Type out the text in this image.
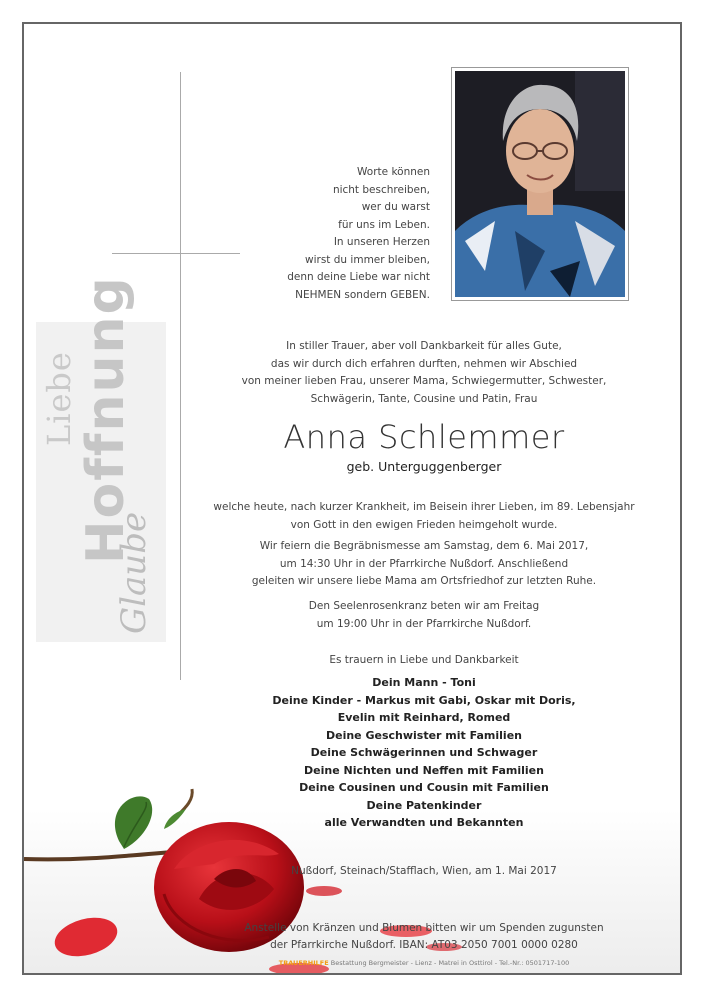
Glaube
Hoffnung
Liebe
Worte können
nicht beschreiben,
wer du warst
für uns im Leben.
In unseren Herzen
wirst du immer bleiben,
denn deine Liebe war nicht
NEHMEN sondern GEBEN.
In stiller Trauer, aber voll Dankbarkeit für alles Gute,
das wir durch dich erfahren durften, nehmen wir Abschied
von meiner lieben Frau, unserer Mama, Schwiegermutter, Schwester,
Schwägerin, Tante, Cousine und Patin, Frau
Anna Schlemmer
geb. Unterguggenberger
welche heute, nach kurzer Krankheit, im Beisein ihrer Lieben, im 89. Lebensjahr
von Gott in den ewigen Frieden heimgeholt wurde.
Wir feiern die Begräbnismesse am Samstag, dem 6. Mai 2017,
um 14:30 Uhr in der Pfarrkirche Nußdorf. Anschließend
geleiten wir unsere liebe Mama am Ortsfriedhof zur letzten Ruhe.
Den Seelenrosenkranz beten wir am Freitag
um 19:00 Uhr in der Pfarrkirche Nußdorf.
Es trauern in Liebe und Dankbarkeit
Dein Mann - Toni
Deine Kinder - Markus mit Gabi, Oskar mit Doris,
Evelin mit Reinhard, Romed
Deine Geschwister mit Familien
Deine Schwägerinnen und Schwager
Deine Nichten und Neffen mit Familien
Deine Cousinen und Cousin mit Familien
Deine Patenkinder
alle Verwandten und Bekannten
Nußdorf, Steinach/Stafflach, Wien, am 1. Mai 2017
Anstelle von Kränzen und Blumen bitten wir um Spenden zugunsten
der Pfarrkirche Nußdorf. IBAN: AT03 2050 7001 0000 0280
TRAUERHILFE Bestattung Bergmeister - Lienz - Matrei in Osttirol - Tel.-Nr.: 0501717-100
